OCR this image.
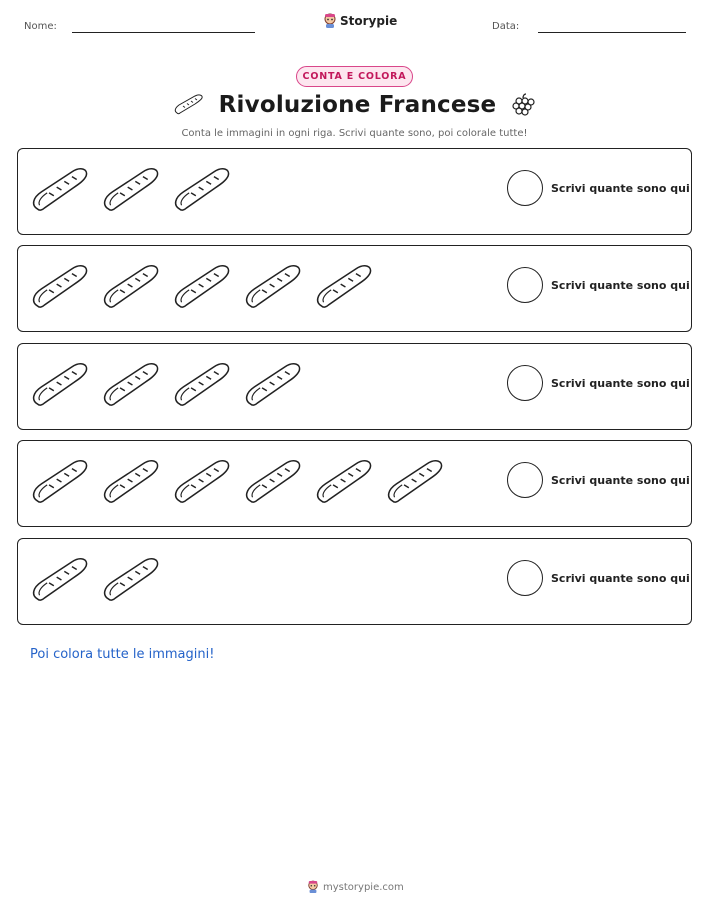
Nome:	Storypie	Data:
CONTA E COLORA
Rivoluzione Francese
Conta le immagini in ogni riga. Scrivi quante sono, poi colorale tutte!
Scrivi quante sono qui
Scrivi quante sono qui
Scrivi quante sono qui
Scrivi quante sono qui
Scrivi quante sono qui
Poi colora tutte le immagini!
mystorypie.com
